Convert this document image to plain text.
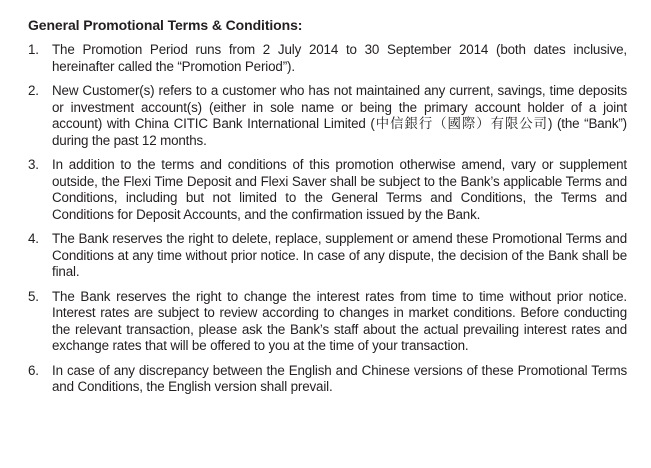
General Promotional Terms & Conditions:
1. The Promotion Period runs from 2 July 2014 to 30 September 2014 (both dates inclusive, hereinafter called the “Promotion Period”).
2. New Customer(s) refers to a customer who has not maintained any current, savings, time deposits or investment account(s) (either in sole name or being the primary account holder of a joint account) with China CITIC Bank International Limited (中信銀行（國際）有限公司) (the “Bank”) during the past 12 months.
3. In addition to the terms and conditions of this promotion otherwise amend, vary or supplement outside, the Flexi Time Deposit and Flexi Saver shall be subject to the Bank’s applicable Terms and Conditions, including but not limited to the General Terms and Conditions, the Terms and Conditions for Deposit Accounts, and the confirmation issued by the Bank.
4. The Bank reserves the right to delete, replace, supplement or amend these Promotional Terms and Conditions at any time without prior notice. In case of any dispute, the decision of the Bank shall be final.
5. The Bank reserves the right to change the interest rates from time to time without prior notice. Interest rates are subject to review according to changes in market conditions. Before conducting the relevant transaction, please ask the Bank’s staff about the actual prevailing interest rates and exchange rates that will be offered to you at the time of your transaction.
6. In case of any discrepancy between the English and Chinese versions of these Promotional Terms and Conditions, the English version shall prevail.
